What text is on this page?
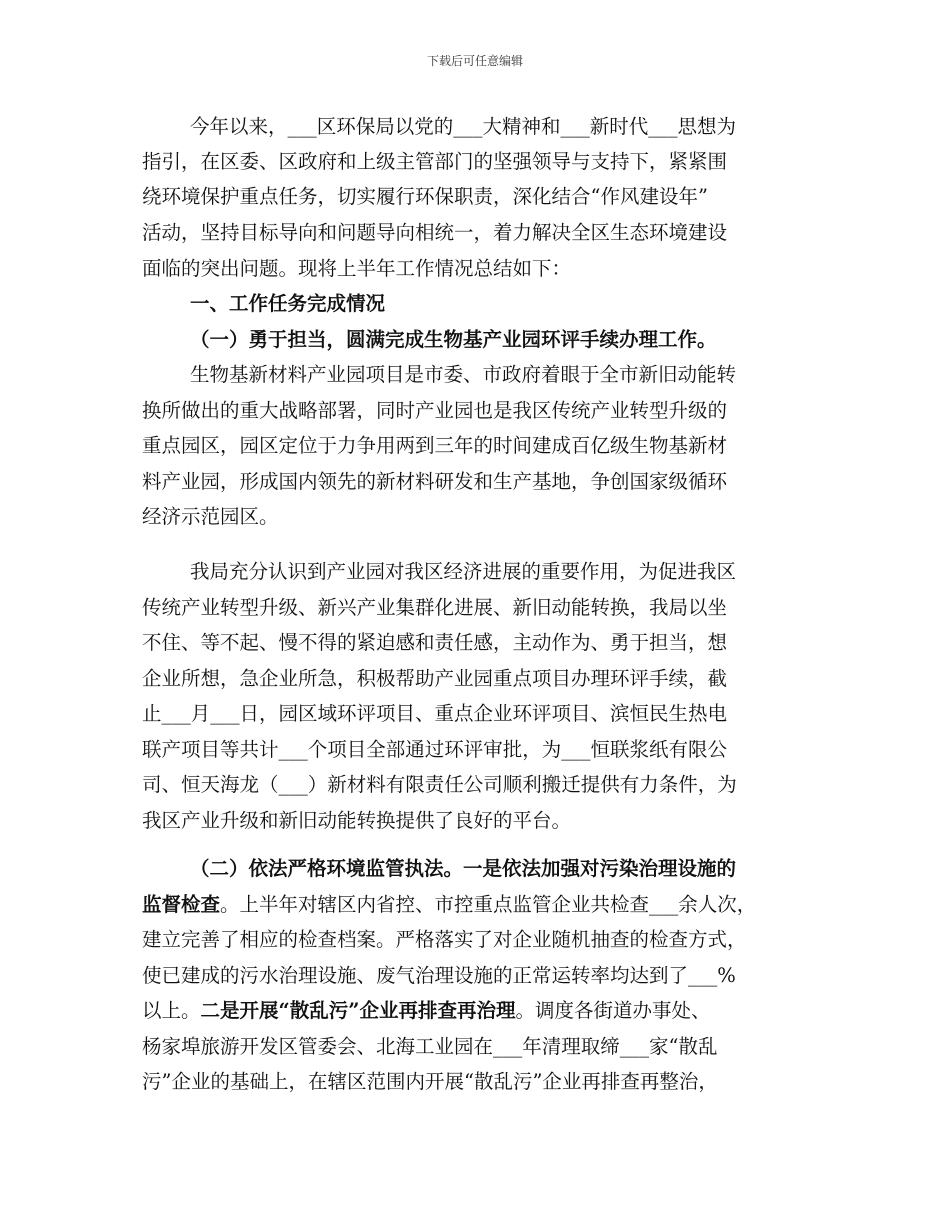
下载后可任意编辑
今年以来，___区环保局以党的___大精神和___新时代___思想为
指引，在区委、区政府和上级主管部门的坚强领导与支持下，紧紧围
绕环境保护重点任务，切实履行环保职责，深化结合“作风建设年”
活动，坚持目标导向和问题导向相统一，着力解决全区生态环境建设
面临的突出问题。现将上半年工作情况总结如下：
一、工作任务完成情况
（一）勇于担当，圆满完成生物基产业园环评手续办理工作。
生物基新材料产业园项目是市委、市政府着眼于全市新旧动能转
换所做出的重大战略部署，同时产业园也是我区传统产业转型升级的
重点园区，园区定位于力争用两到三年的时间建成百亿级生物基新材
料产业园，形成国内领先的新材料研发和生产基地，争创国家级循环
经济示范园区。
我局充分认识到产业园对我区经济进展的重要作用，为促进我区
传统产业转型升级、新兴产业集群化进展、新旧动能转换，我局以坐
不住、等不起、慢不得的紧迫感和责任感，主动作为、勇于担当，想
企业所想，急企业所急，积极帮助产业园重点项目办理环评手续，截
止___月___日，园区域环评项目、重点企业环评项目、滨恒民生热电
联产项目等共计___个项目全部通过环评审批，为___恒联浆纸有限公
司、恒天海龙（___）新材料有限责任公司顺利搬迁提供有力条件，为
我区产业升级和新旧动能转换提供了良好的平台。
（二）依法严格环境监管执法。一是依法加强对污染治理设施的
监督检查。上半年对辖区内省控、市控重点监管企业共检查___余人次，
建立完善了相应的检查档案。严格落实了对企业随机抽查的检查方式，
使已建成的污水治理设施、废气治理设施的正常运转率均达到了___%
以上。二是开展“散乱污”企业再排查再治理。调度各街道办事处、
杨家埠旅游开发区管委会、北海工业园在___年清理取缔___家“散乱
污”企业的基础上，在辖区范围内开展“散乱污”企业再排查再整治，
